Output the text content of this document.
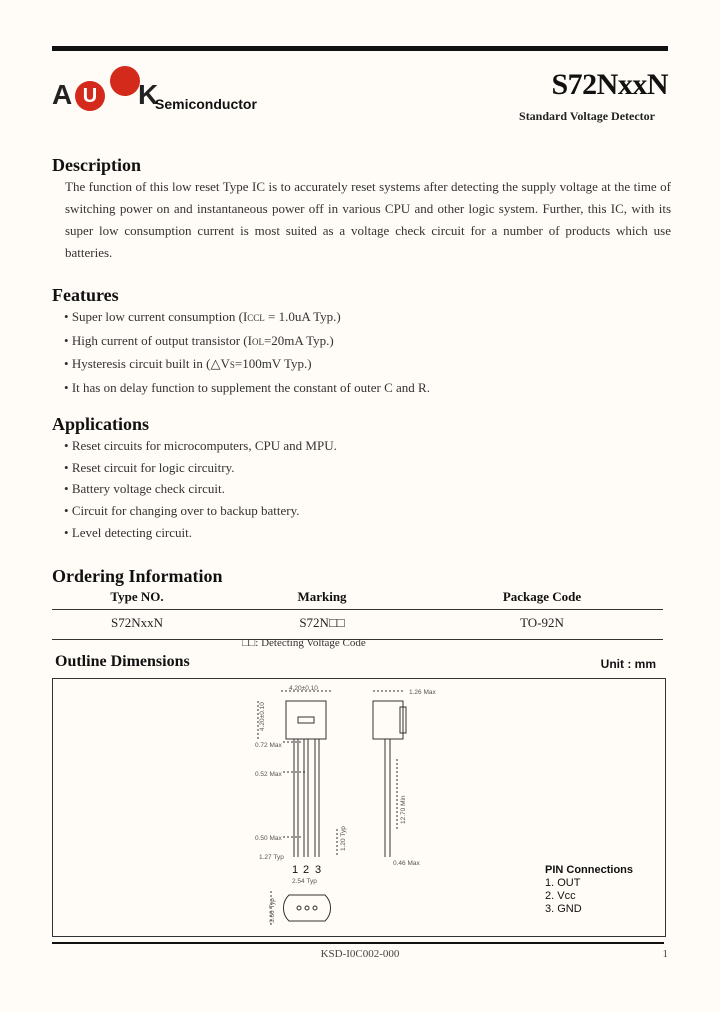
A U K
Semiconductor
S72NxxN
Standard Voltage Detector
Description
The function of this low reset Type IC is to accurately reset systems after detecting the supply voltage at the time of switching power on and instantaneous power off in various CPU and other logic system. Further, this IC, with its super low consumption current is most suited as a voltage check circuit for a number of products which use batteries.
Features
• Super low current consumption (ICCL = 1.0uA Typ.)
• High current of output transistor (IOL=20mA Typ.)
• Hysteresis circuit built in (△VS=100mV Typ.)
• It has on delay function to supplement the constant of outer C and R.
Applications
• Reset circuits for microcomputers, CPU and MPU.
• Reset circuit for logic circuitry.
• Battery voltage check circuit.
• Circuit for changing over to backup battery.
• Level detecting circuit.
Ordering Information
Type NO.	Marking	Package Code
S72NxxN	S72N□□	TO-92N
□□: Detecting Voltage Code
Outline Dimensions	Unit : mm
4.20±0.10
4.20±0.10
0.72 Max
0.52 Max
0.50 Max
1.27 Typ
1.20 Typ
1 2 3
2.54 Typ
3.60 Typ
1.26 Max
12.70 Min
0.46 Max
PIN Connections
1. OUT
2. Vcc
3. GND
KSD-I0C002-000	1
